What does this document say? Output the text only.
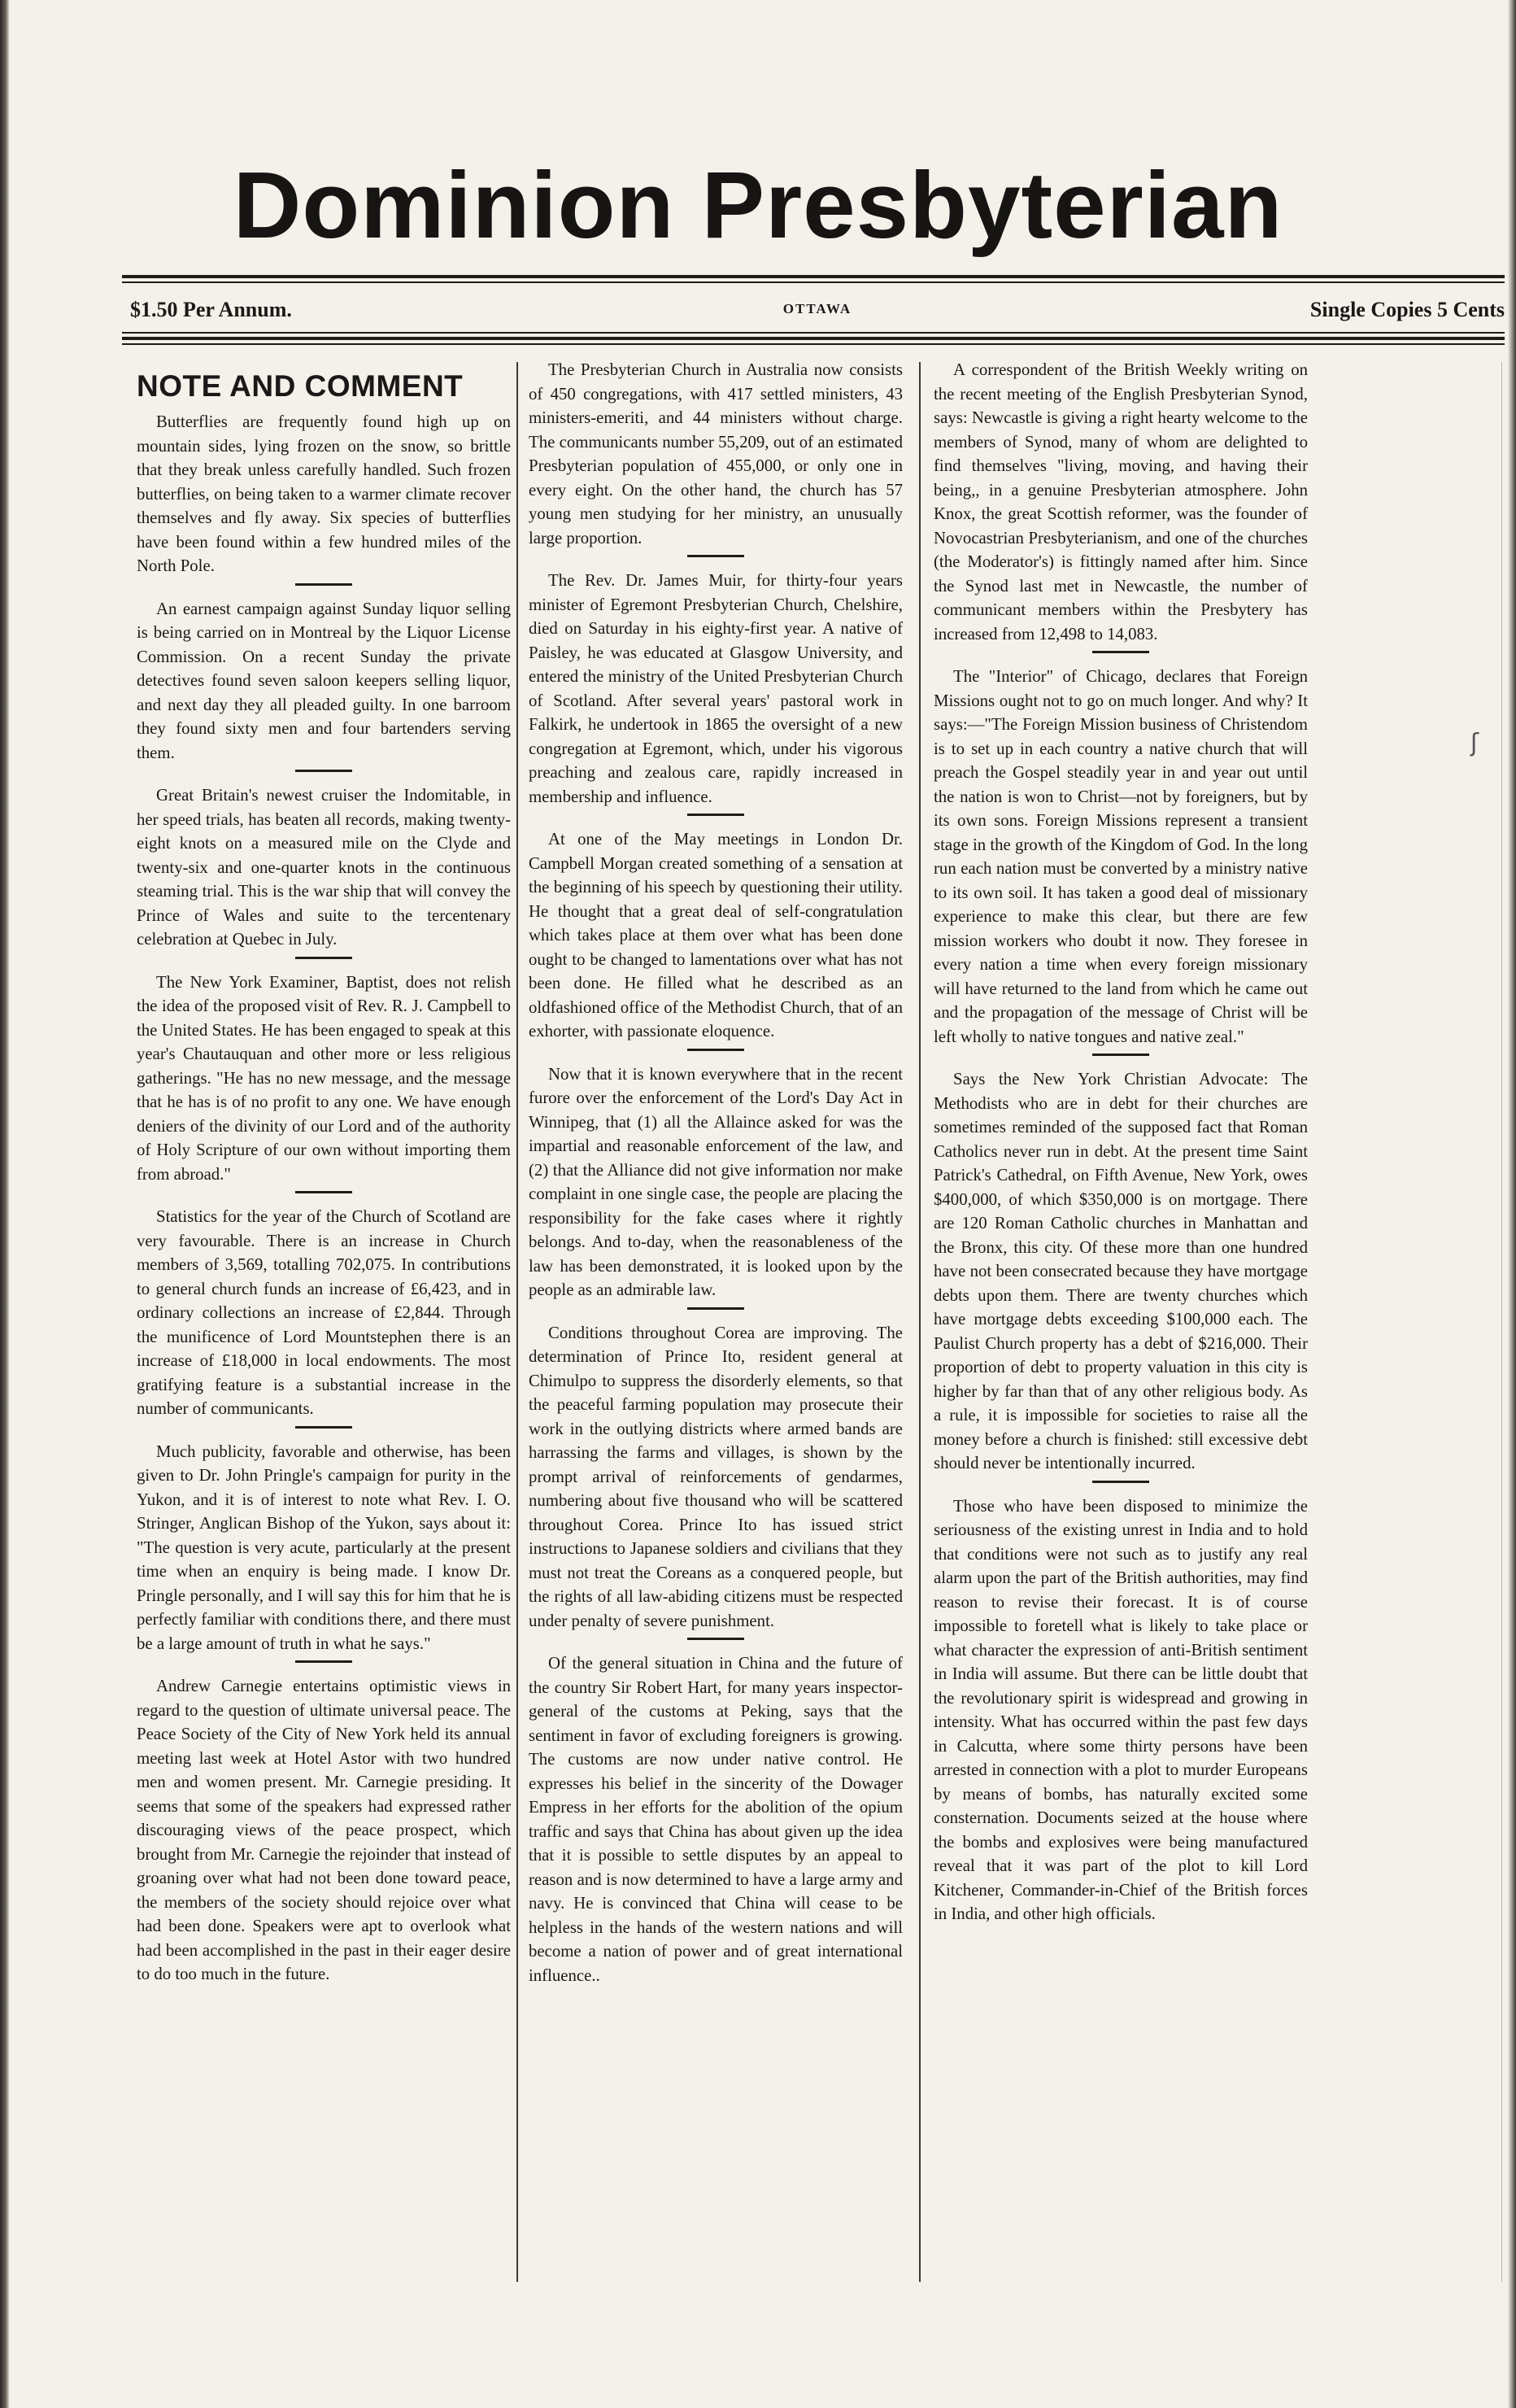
Dominion Presbyterian
$1.50 Per Annum.	OTTAWA	Single Copies 5 Cents
ʃ
NOTE AND COMMENT

Butterflies are frequently found high up on mountain sides, lying frozen on the snow, so brittle that they break unless carefully handled. Such frozen butterflies, on being taken to a warmer climate recover themselves and fly away. Six species of butterflies have been found within a few hundred miles of the North Pole.

An earnest campaign against Sunday liquor selling is being carried on in Montreal by the Liquor License Commission. On a recent Sunday the private detectives found seven saloon keepers selling liquor, and next day they all pleaded guilty. In one barroom they found sixty men and four bartenders serving them.

Great Britain's newest cruiser the Indomitable, in her speed trials, has beaten all records, making twenty-eight knots on a measured mile on the Clyde and twenty-six and one-quarter knots in the continuous steaming trial. This is the war ship that will convey the Prince of Wales and suite to the tercentenary celebration at Quebec in July.

The New York Examiner, Baptist, does not relish the idea of the proposed visit of Rev. R. J. Campbell to the United States. He has been engaged to speak at this year's Chautauquan and other more or less religious gatherings. "He has no new message, and the message that he has is of no profit to any one. We have enough deniers of the divinity of our Lord and of the authority of Holy Scripture of our own without importing them from abroad."

Statistics for the year of the Church of Scotland are very favourable. There is an increase in Church members of 3,569, totalling 702,075. In contributions to general church funds an increase of £6,423, and in ordinary collections an increase of £2,844. Through the munificence of Lord Mountstephen there is an increase of £18,000 in local endowments. The most gratifying feature is a substantial increase in the number of communicants.

Much publicity, favorable and otherwise, has been given to Dr. John Pringle's campaign for purity in the Yukon, and it is of interest to note what Rev. I. O. Stringer, Anglican Bishop of the Yukon, says about it: "The question is very acute, particularly at the present time when an enquiry is being made. I know Dr. Pringle personally, and I will say this for him that he is perfectly familiar with conditions there, and there must be a large amount of truth in what he says."

Andrew Carnegie entertains optimistic views in regard to the question of ultimate universal peace. The Peace Society of the City of New York held its annual meeting last week at Hotel Astor with two hundred men and women present. Mr. Carnegie presiding. It seems that some of the speakers had expressed rather discouraging views of the peace prospect, which brought from Mr. Carnegie the rejoinder that instead of groaning over what had not been done toward peace, the members of the society should rejoice over what had been done. Speakers were apt to overlook what had been accomplished in the past in their eager desire to do too much in the future.

The Presbyterian Church in Australia now consists of 450 congregations, with 417 settled ministers, 43 ministers-emeriti, and 44 ministers without charge. The communicants number 55,209, out of an estimated Presbyterian population of 455,000, or only one in every eight. On the other hand, the church has 57 young men studying for her ministry, an unusually large proportion.

The Rev. Dr. James Muir, for thirty-four years minister of Egremont Presbyterian Church, Chelshire, died on Saturday in his eighty-first year. A native of Paisley, he was educated at Glasgow University, and entered the ministry of the United Presbyterian Church of Scotland. After several years' pastoral work in Falkirk, he undertook in 1865 the oversight of a new congregation at Egremont, which, under his vigorous preaching and zealous care, rapidly increased in membership and influence.

At one of the May meetings in London Dr. Campbell Morgan created something of a sensation at the beginning of his speech by questioning their utility. He thought that a great deal of self-congratulation which takes place at them over what has been done ought to be changed to lamentations over what has not been done. He filled what he described as an oldfashioned office of the Methodist Church, that of an exhorter, with passionate eloquence.

Now that it is known everywhere that in the recent furore over the enforcement of the Lord's Day Act in Winnipeg, that (1) all the Allaince asked for was the impartial and reasonable enforcement of the law, and (2) that the Alliance did not give information nor make complaint in one single case, the people are placing the responsibility for the fake cases where it rightly belongs. And to-day, when the reasonableness of the law has been demonstrated, it is looked upon by the people as an admirable law.

Conditions throughout Corea are improving. The determination of Prince Ito, resident general at Chimulpo to suppress the disorderly elements, so that the peaceful farming population may prosecute their work in the outlying districts where armed bands are harrassing the farms and villages, is shown by the prompt arrival of reinforcements of gendarmes, numbering about five thousand who will be scattered throughout Corea. Prince Ito has issued strict instructions to Japanese soldiers and civilians that they must not treat the Coreans as a conquered people, but the rights of all law-abiding citizens must be respected under penalty of severe punishment.

Of the general situation in China and the future of the country Sir Robert Hart, for many years inspector-general of the customs at Peking, says that the sentiment in favor of excluding foreigners is growing. The customs are now under native control. He expresses his belief in the sincerity of the Dowager Empress in her efforts for the abolition of the opium traffic and says that China has about given up the idea that it is possible to settle disputes by an appeal to reason and is now determined to have a large army and navy. He is convinced that China will cease to be helpless in the hands of the western nations and will become a nation of power and of great international influence..

A correspondent of the British Weekly writing on the recent meeting of the English Presbyterian Synod, says: Newcastle is giving a right hearty welcome to the members of Synod, many of whom are delighted to find themselves "living, moving, and having their being,, in a genuine Presbyterian atmosphere. John Knox, the great Scottish reformer, was the founder of Novocastrian Presbyterianism, and one of the churches (the Moderator's) is fittingly named after him. Since the Synod last met in Newcastle, the number of communicant members within the Presbytery has increased from 12,498 to 14,083.

The "Interior" of Chicago, declares that Foreign Missions ought not to go on much longer. And why? It says:—"The Foreign Mission business of Christendom is to set up in each country a native church that will preach the Gospel steadily year in and year out until the nation is won to Christ—not by foreigners, but by its own sons. Foreign Missions represent a transient stage in the growth of the Kingdom of God. In the long run each nation must be converted by a ministry native to its own soil. It has taken a good deal of missionary experience to make this clear, but there are few mission workers who doubt it now. They foresee in every nation a time when every foreign missionary will have returned to the land from which he came out and the propagation of the message of Christ will be left wholly to native tongues and native zeal."

Says the New York Christian Advocate: The Methodists who are in debt for their churches are sometimes reminded of the supposed fact that Roman Catholics never run in debt. At the present time Saint Patrick's Cathedral, on Fifth Avenue, New York, owes $400,000, of which $350,000 is on mortgage. There are 120 Roman Catholic churches in Manhattan and the Bronx, this city. Of these more than one hundred have not been consecrated because they have mortgage debts upon them. There are twenty churches which have mortgage debts exceeding $100,000 each. The Paulist Church property has a debt of $216,000. Their proportion of debt to property valuation in this city is higher by far than that of any other religious body. As a rule, it is impossible for societies to raise all the money before a church is finished: still excessive debt should never be intentionally incurred.

Those who have been disposed to minimize the seriousness of the existing unrest in India and to hold that conditions were not such as to justify any real alarm upon the part of the British authorities, may find reason to revise their forecast. It is of course impossible to foretell what is likely to take place or what character the expression of anti-British sentiment in India will assume. But there can be little doubt that the revolutionary spirit is widespread and growing in intensity. What has occurred within the past few days in Calcutta, where some thirty persons have been arrested in connection with a plot to murder Europeans by means of bombs, has naturally excited some consternation. Documents seized at the house where the bombs and explosives were being manufactured reveal that it was part of the plot to kill Lord Kitchener, Commander-in-Chief of the British forces in India, and other high officials.
